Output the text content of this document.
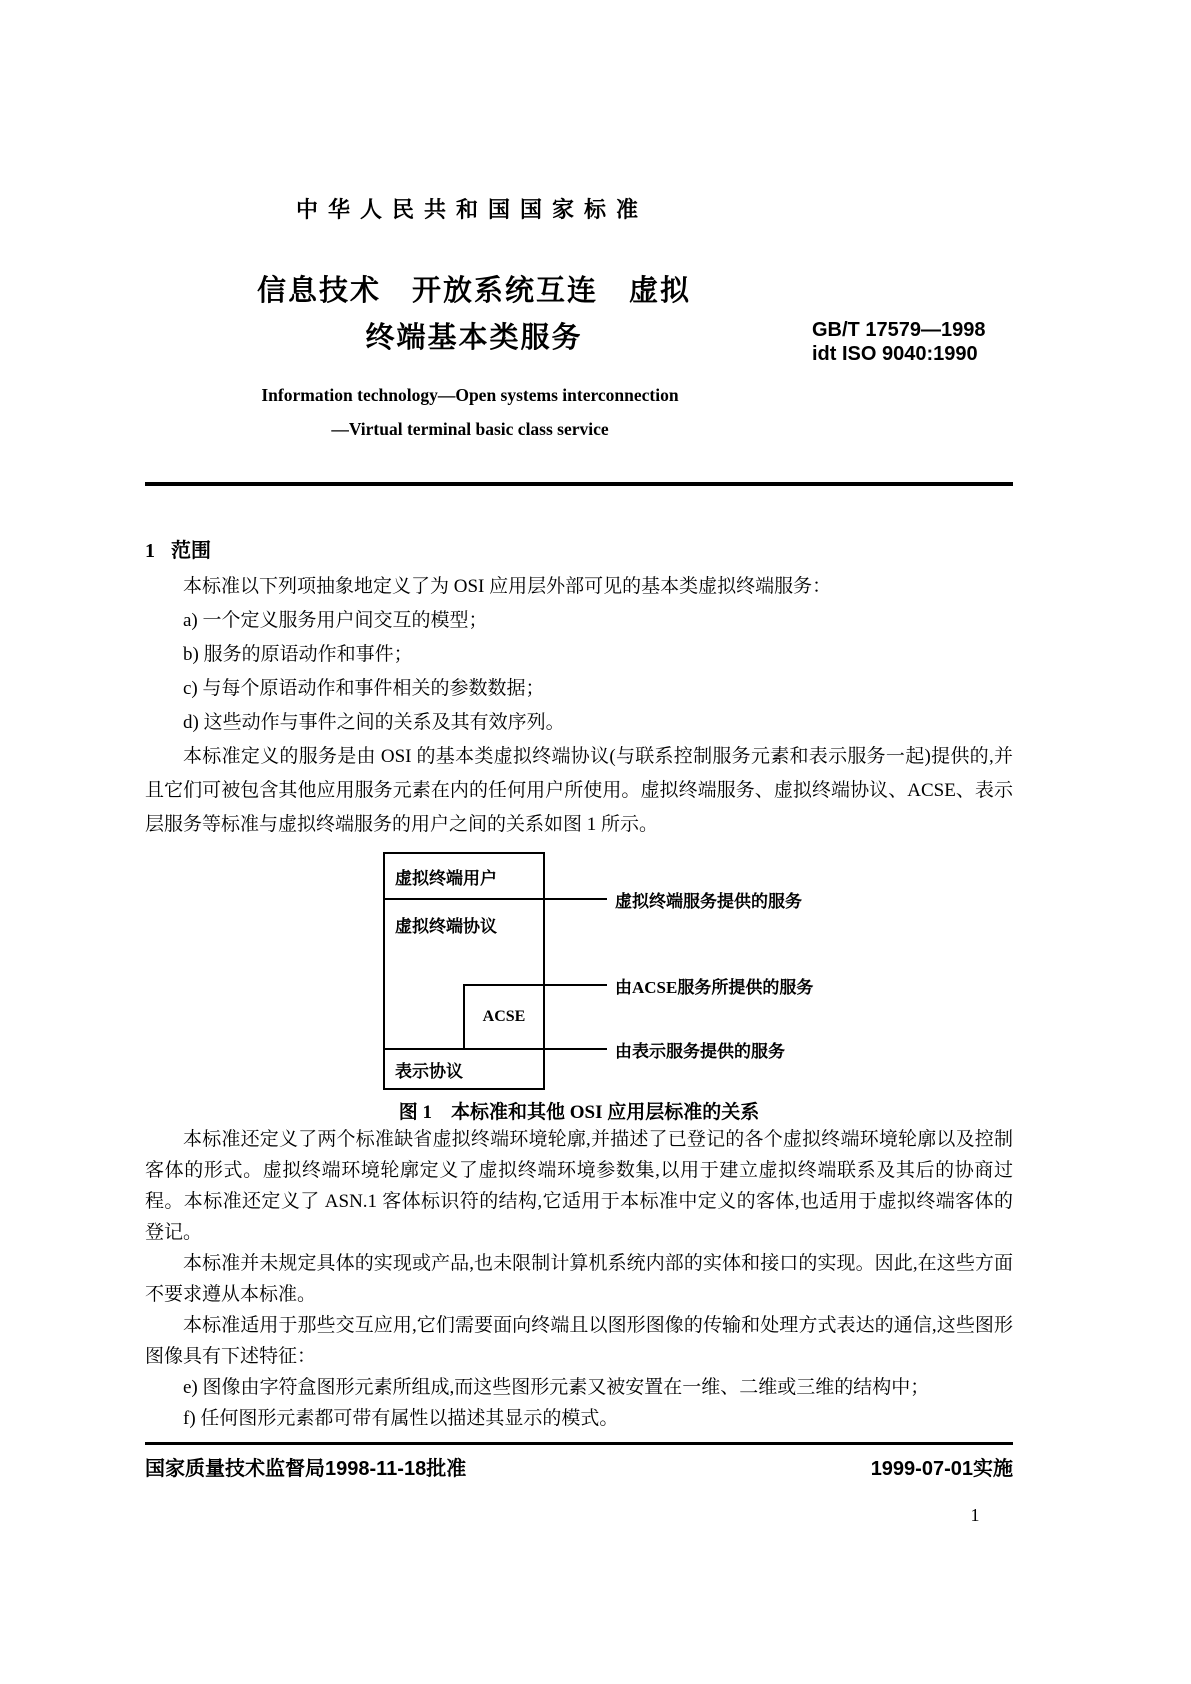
中华人民共和国国家标准
信息技术　开放系统互连　虚拟
终端基本类服务	GB/T 17579—1998
idt ISO 9040:1990
Information technology—Open systems interconnection
—Virtual terminal basic class service
1 范围

本标准以下列项抽象地定义了为 OSI 应用层外部可见的基本类虚拟终端服务：

a) 一个定义服务用户间交互的模型；

b) 服务的原语动作和事件；

c) 与每个原语动作和事件相关的参数数据；

d) 这些动作与事件之间的关系及其有效序列。

本标准定义的服务是由 OSI 的基本类虚拟终端协议(与联系控制服务元素和表示服务一起)提供的,并且它们可被包含其他应用服务元素在内的任何用户所使用。虚拟终端服务、虚拟终端协议、ACSE、表示层服务等标准与虚拟终端服务的用户之间的关系如图 1 所示。

虚拟终端用户
虚拟终端协议
ACSE
表示协议
虚拟终端服务提供的服务
由ACSE服务所提供的服务
由表示服务提供的服务
图 1　本标准和其他 OSI 应用层标准的关系

本标准还定义了两个标准缺省虚拟终端环境轮廓,并描述了已登记的各个虚拟终端环境轮廓以及控制客体的形式。虚拟终端环境轮廓定义了虚拟终端环境参数集,以用于建立虚拟终端联系及其后的协商过程。本标准还定义了 ASN.1 客体标识符的结构,它适用于本标准中定义的客体,也适用于虚拟终端客体的登记。

本标准并未规定具体的实现或产品,也未限制计算机系统内部的实体和接口的实现。因此,在这些方面不要求遵从本标准。

本标准适用于那些交互应用,它们需要面向终端且以图形图像的传输和处理方式表达的通信,这些图形图像具有下述特征：

e) 图像由字符盒图形元素所组成,而这些图形元素又被安置在一维、二维或三维的结构中；

f) 任何图形元素都可带有属性以描述其显示的模式。

国家质量技术监督局1998-11-18批准	1999-07-01实施
1
